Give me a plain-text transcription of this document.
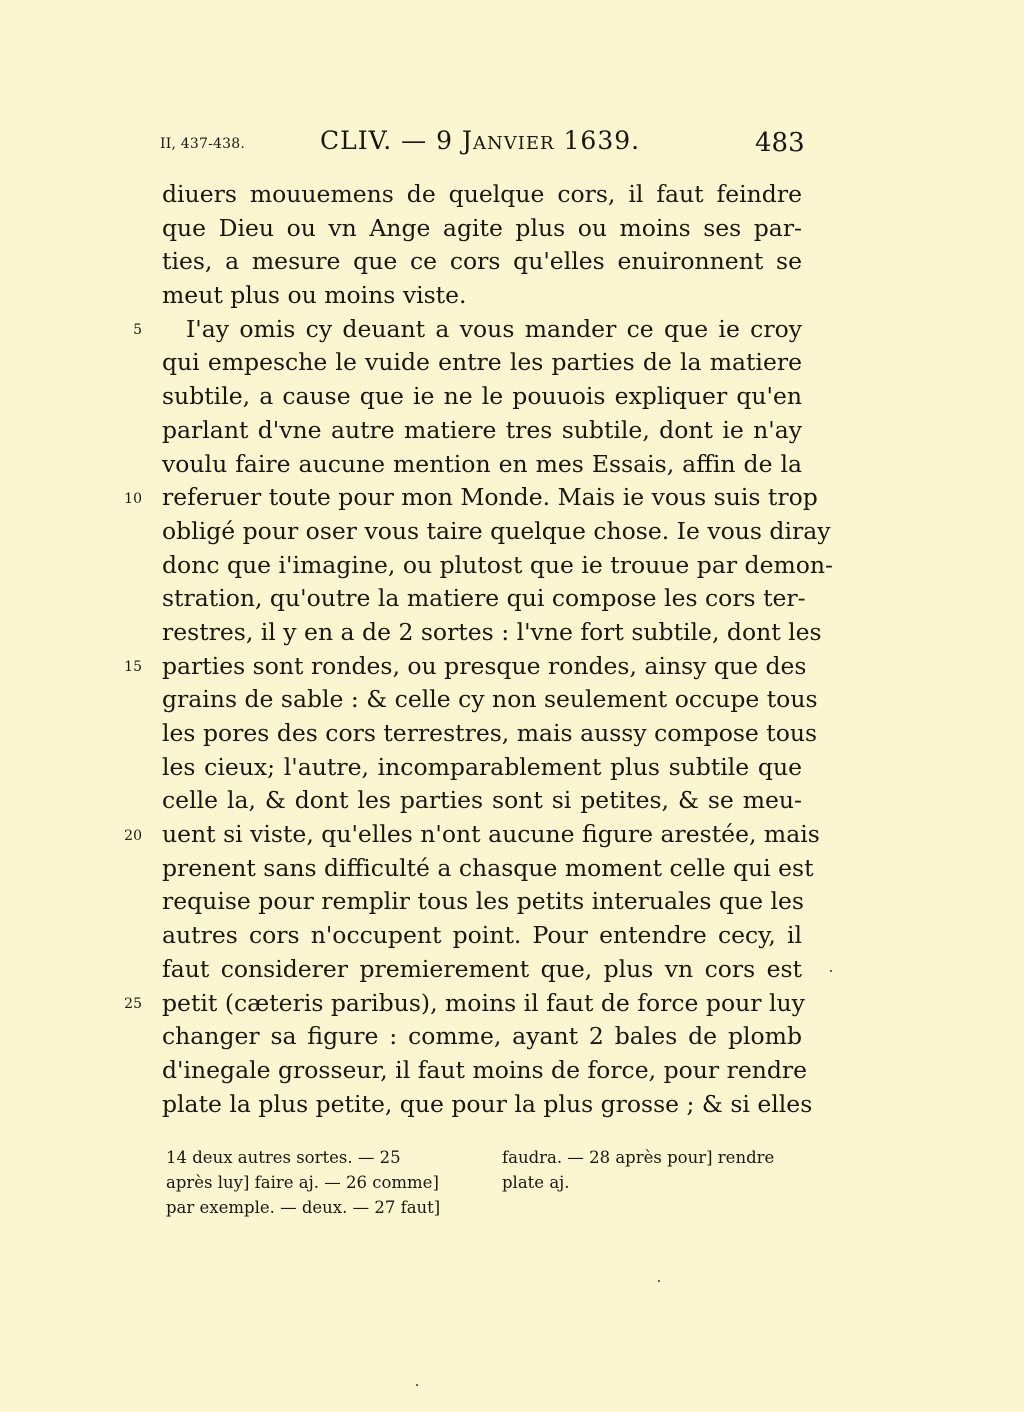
II, 437-438.	CLIV. — 9 Janvier 1639.	483
diuers mouuemens de quelque cors, il faut feindre
que Dieu ou vn Ange agite plus ou moins ses par-
ties, a mesure que ce cors qu'elles enuironnent se
meut plus ou moins viste.
I'ay omis cy deuant a vous mander ce que ie croy
qui empesche le vuide entre les parties de la matiere
subtile, a cause que ie ne le pouuois expliquer qu'en
parlant d'vne autre matiere tres subtile, dont ie n'ay
voulu faire aucune mention en mes Essais, affin de la
referuer toute pour mon Monde. Mais ie vous suis trop
obligé pour oser vous taire quelque chose. Ie vous diray
donc que i'imagine, ou plutost que ie trouue par demon-
stration, qu'outre la matiere qui compose les cors ter-
restres, il y en a de 2 sortes : l'vne fort subtile, dont les
parties sont rondes, ou presque rondes, ainsy que des
grains de sable : & celle cy non seulement occupe tous
les pores des cors terrestres, mais aussy compose tous
les cieux; l'autre, incomparablement plus subtile que
celle la, & dont les parties sont si petites, & se meu-
uent si viste, qu'elles n'ont aucune figure arestée, mais
prenent sans difficulté a chasque moment celle qui est
requise pour remplir tous les petits interuales que les
autres cors n'occupent point. Pour entendre cecy, il
faut considerer premierement que, plus vn cors est
petit (cæteris paribus), moins il faut de force pour luy
changer sa figure : comme, ayant 2 bales de plomb
d'inegale grosseur, il faut moins de force, pour rendre
plate la plus petite, que pour la plus grosse ; & si elles
5
10
15
20
25
14 deux autres sortes. — 25
après luy] faire aj. — 26 comme]
par exemple. — deux. — 27 faut]
faudra. — 28 après pour] rendre
plate aj.
